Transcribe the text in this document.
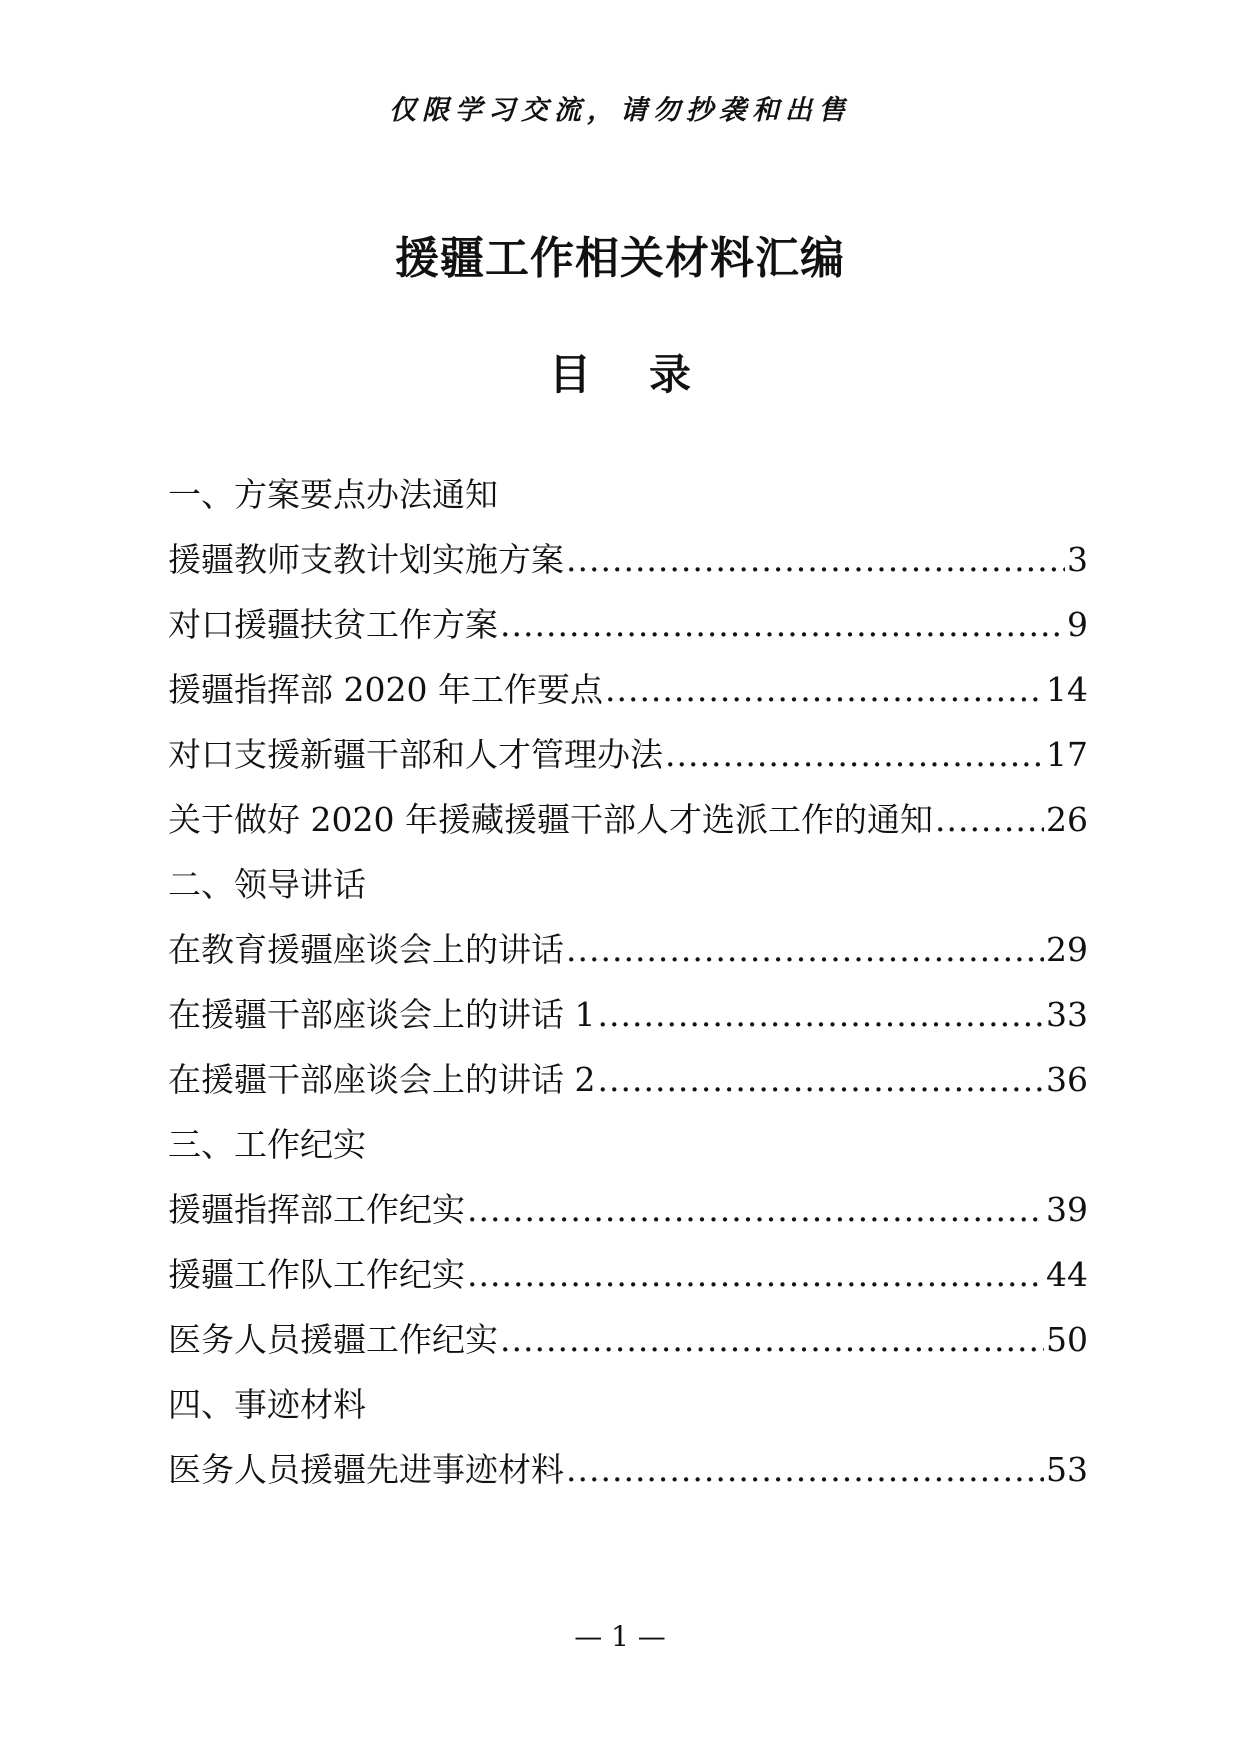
仅限学习交流，请勿抄袭和出售
援疆工作相关材料汇编
目录
一、方案要点办法通知
援疆教师支教计划实施方案 .....	3
对口援疆扶贫工作方案 .....	9
援疆指挥部 2020 年工作要点 .....	14
对口支援新疆干部和人才管理办法 .....	17
关于做好 2020 年援藏援疆干部人才选派工作的通知 .....	26
二、领导讲话
在教育援疆座谈会上的讲话 .....	29
在援疆干部座谈会上的讲话 1 .....	33
在援疆干部座谈会上的讲话 2 .....	36
三、工作纪实
援疆指挥部工作纪实 .....	39
援疆工作队工作纪实 .....	44
医务人员援疆工作纪实 .....	50
四、事迹材料
医务人员援疆先进事迹材料 .....	53
— 1 —
